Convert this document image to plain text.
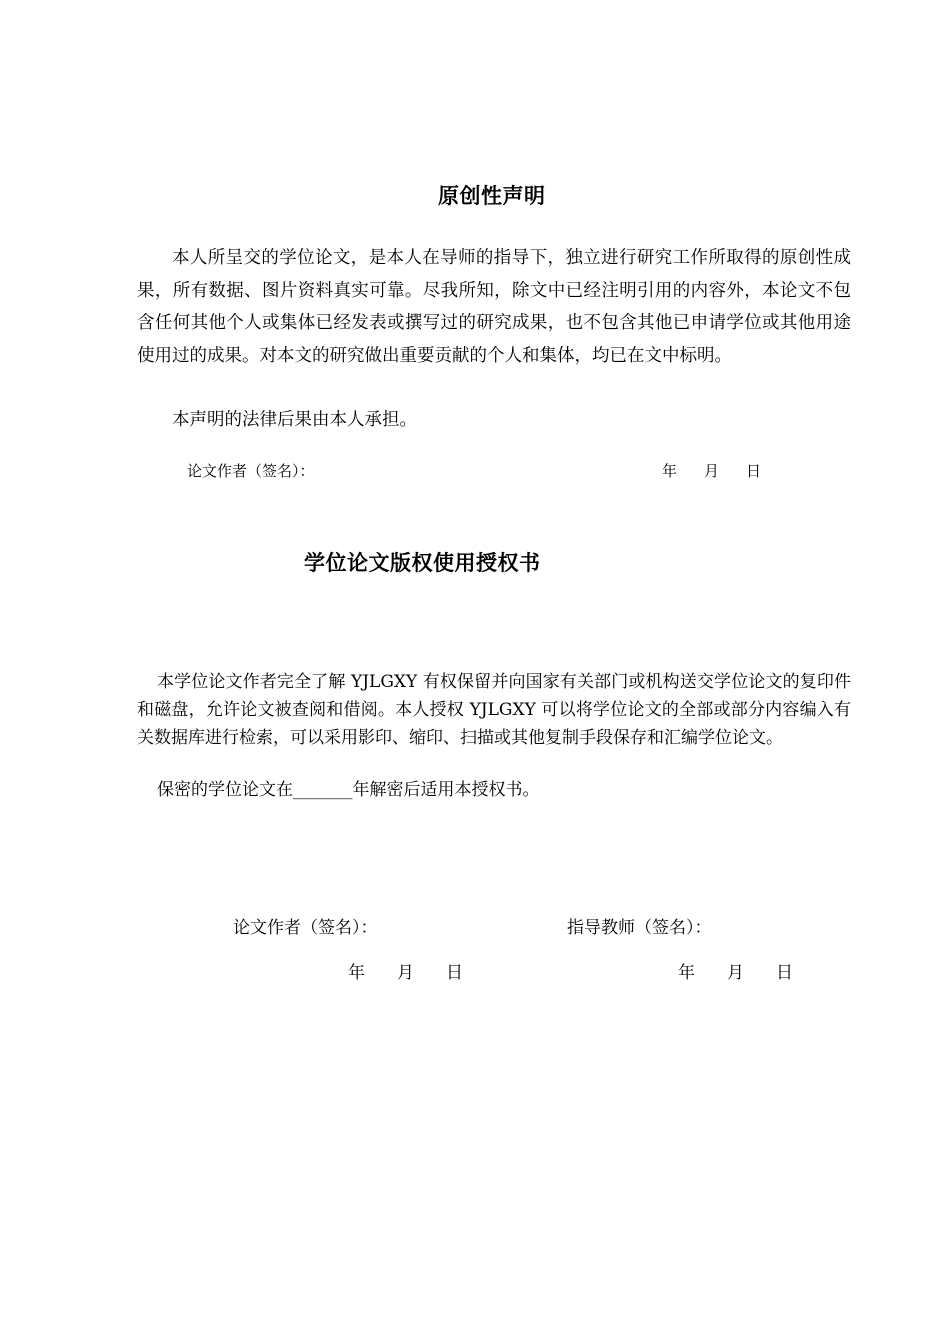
原创性声明
本人所呈交的学位论文，是本人在导师的指导下，独立进行研究工作所取得的原创性成果，所有数据、图片资料真实可靠。尽我所知，除文中已经注明引用的内容外，本论文不包含任何其他个人或集体已经发表或撰写过的研究成果，也不包含其他已申请学位或其他用途使用过的成果。对本文的研究做出重要贡献的个人和集体，均已在文中标明。
本声明的法律后果由本人承担。
论文作者（签名）：	年 月 日
学位论文版权使用授权书
本学位论文作者完全了解 YJLGXY 有权保留并向国家有关部门或机构送交学位论文的复印件和磁盘，允许论文被查阅和借阅。本人授权 YJLGXY 可以将学位论文的全部或部分内容编入有关数据库进行检索，可以采用影印、缩印、扫描或其他复制手段保存和汇编学位论文。
保密的学位论文在_______年解密后适用本授权书。
论文作者（签名）：	指导教师（签名）：
年 月 日	年 月 日
